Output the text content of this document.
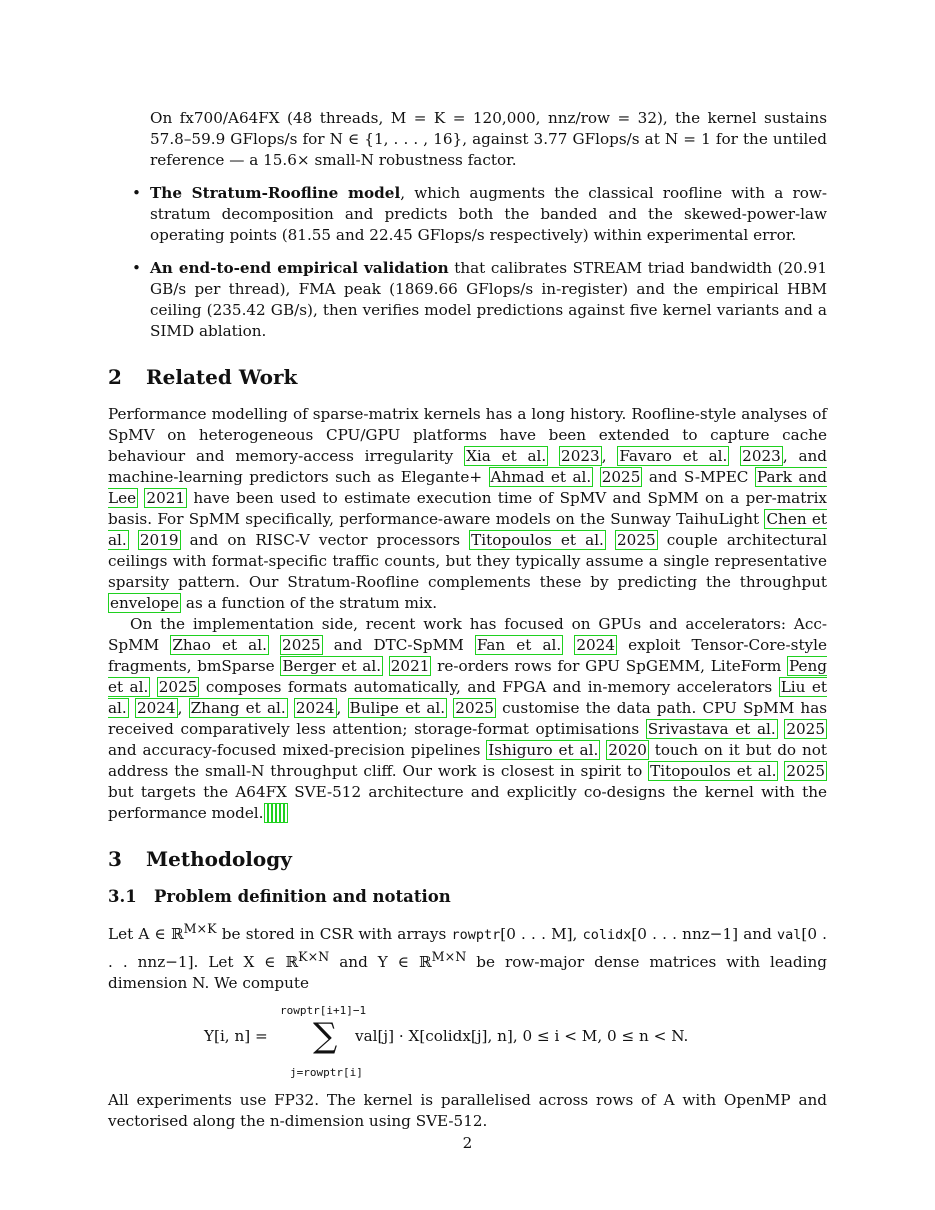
On fx700/A64FX (48 threads, M = K = 120,000, nnz/row = 32), the kernel sustains 57.8–59.9 GFlops/s for N ∈ {1, . . . , 16}, against 3.77 GFlops/s at N = 1 for the untiled reference — a 15.6× small-N robustness factor.

• The Stratum-Roofline model, which augments the classical roofline with a row-stratum decomposition and predicts both the banded and the skewed-power-law operating points (81.55 and 22.45 GFlops/s respectively) within experimental error.

• An end-to-end empirical validation that calibrates STREAM triad bandwidth (20.91 GB/s per thread), FMA peak (1869.66 GFlops/s in-register) and the empirical HBM ceiling (235.42 GB/s), then verifies model predictions against five kernel variants and a SIMD ablation.

2 Related Work

Performance modelling of sparse-matrix kernels has a long history. Roofline-style analyses of SpMV on heterogeneous CPU/GPU platforms have been extended to capture cache behaviour and memory-access irregularity Xia et al. 2023 , Favaro et al. 2023 , and machine-learning predictors such as Elegante+ Ahmad et al. 2025 and S-MPEC Park and Lee 2021 have been used to estimate execution time of SpMV and SpMM on a per-matrix basis. For SpMM specifically, performance-aware models on the Sunway TaihuLight Chen et al. 2019 and on RISC-V vector processors Titopoulos et al. 2025 couple architectural ceilings with format-specific traffic counts, but they typically assume a single representative sparsity pattern. Our Stratum-Roofline complements these by predicting the throughput envelope as a function of the stratum mix.

On the implementation side, recent work has focused on GPUs and accelerators: Acc-SpMM Zhao et al. 2025 and DTC-SpMM Fan et al. 2024 exploit Tensor-Core-style fragments, bmSparse Berger et al. 2021 re-orders rows for GPU SpGEMM, LiteForm Peng et al. 2025 composes formats automatically, and FPGA and in-memory accelerators Liu et al. 2024 , Zhang et al. 2024 , Bulipe et al. 2025 customise the data path. CPU SpMM has received comparatively less attention; storage-format optimisations Srivastava et al. 2025 and accuracy-focused mixed-precision pipelines Ishiguro et al. 2020 touch on it but do not address the small-N throughput cliff. Our work is closest in spirit to Titopoulos et al. 2025 but targets the A64FX SVE-512 architecture and explicitly co-designs the kernel with the performance model.

3 Methodology
3.1 Problem definition and notation

Let A ∈ ℝ$^{M\times K}$ be stored in CSR with arrays rowptr[0 . . . M], colidx[0 . . . nnz−1] and val[0 . . . nnz−1]. Let X ∈ ℝ$^{K\times N}$ and Y ∈ ℝ$^{M\times N}$ be row-major dense matrices with leading dimension N. We compute

Y[i, n] =
rowptr[i+1]−1
∑
j=rowptr[i]
val[j] · X[colidx[j], n], 0 ≤ i < M, 0 ≤ n < N.

All experiments use FP32. The kernel is parallelised across rows of A with OpenMP and vectorised along the n-dimension using SVE-512.

2
